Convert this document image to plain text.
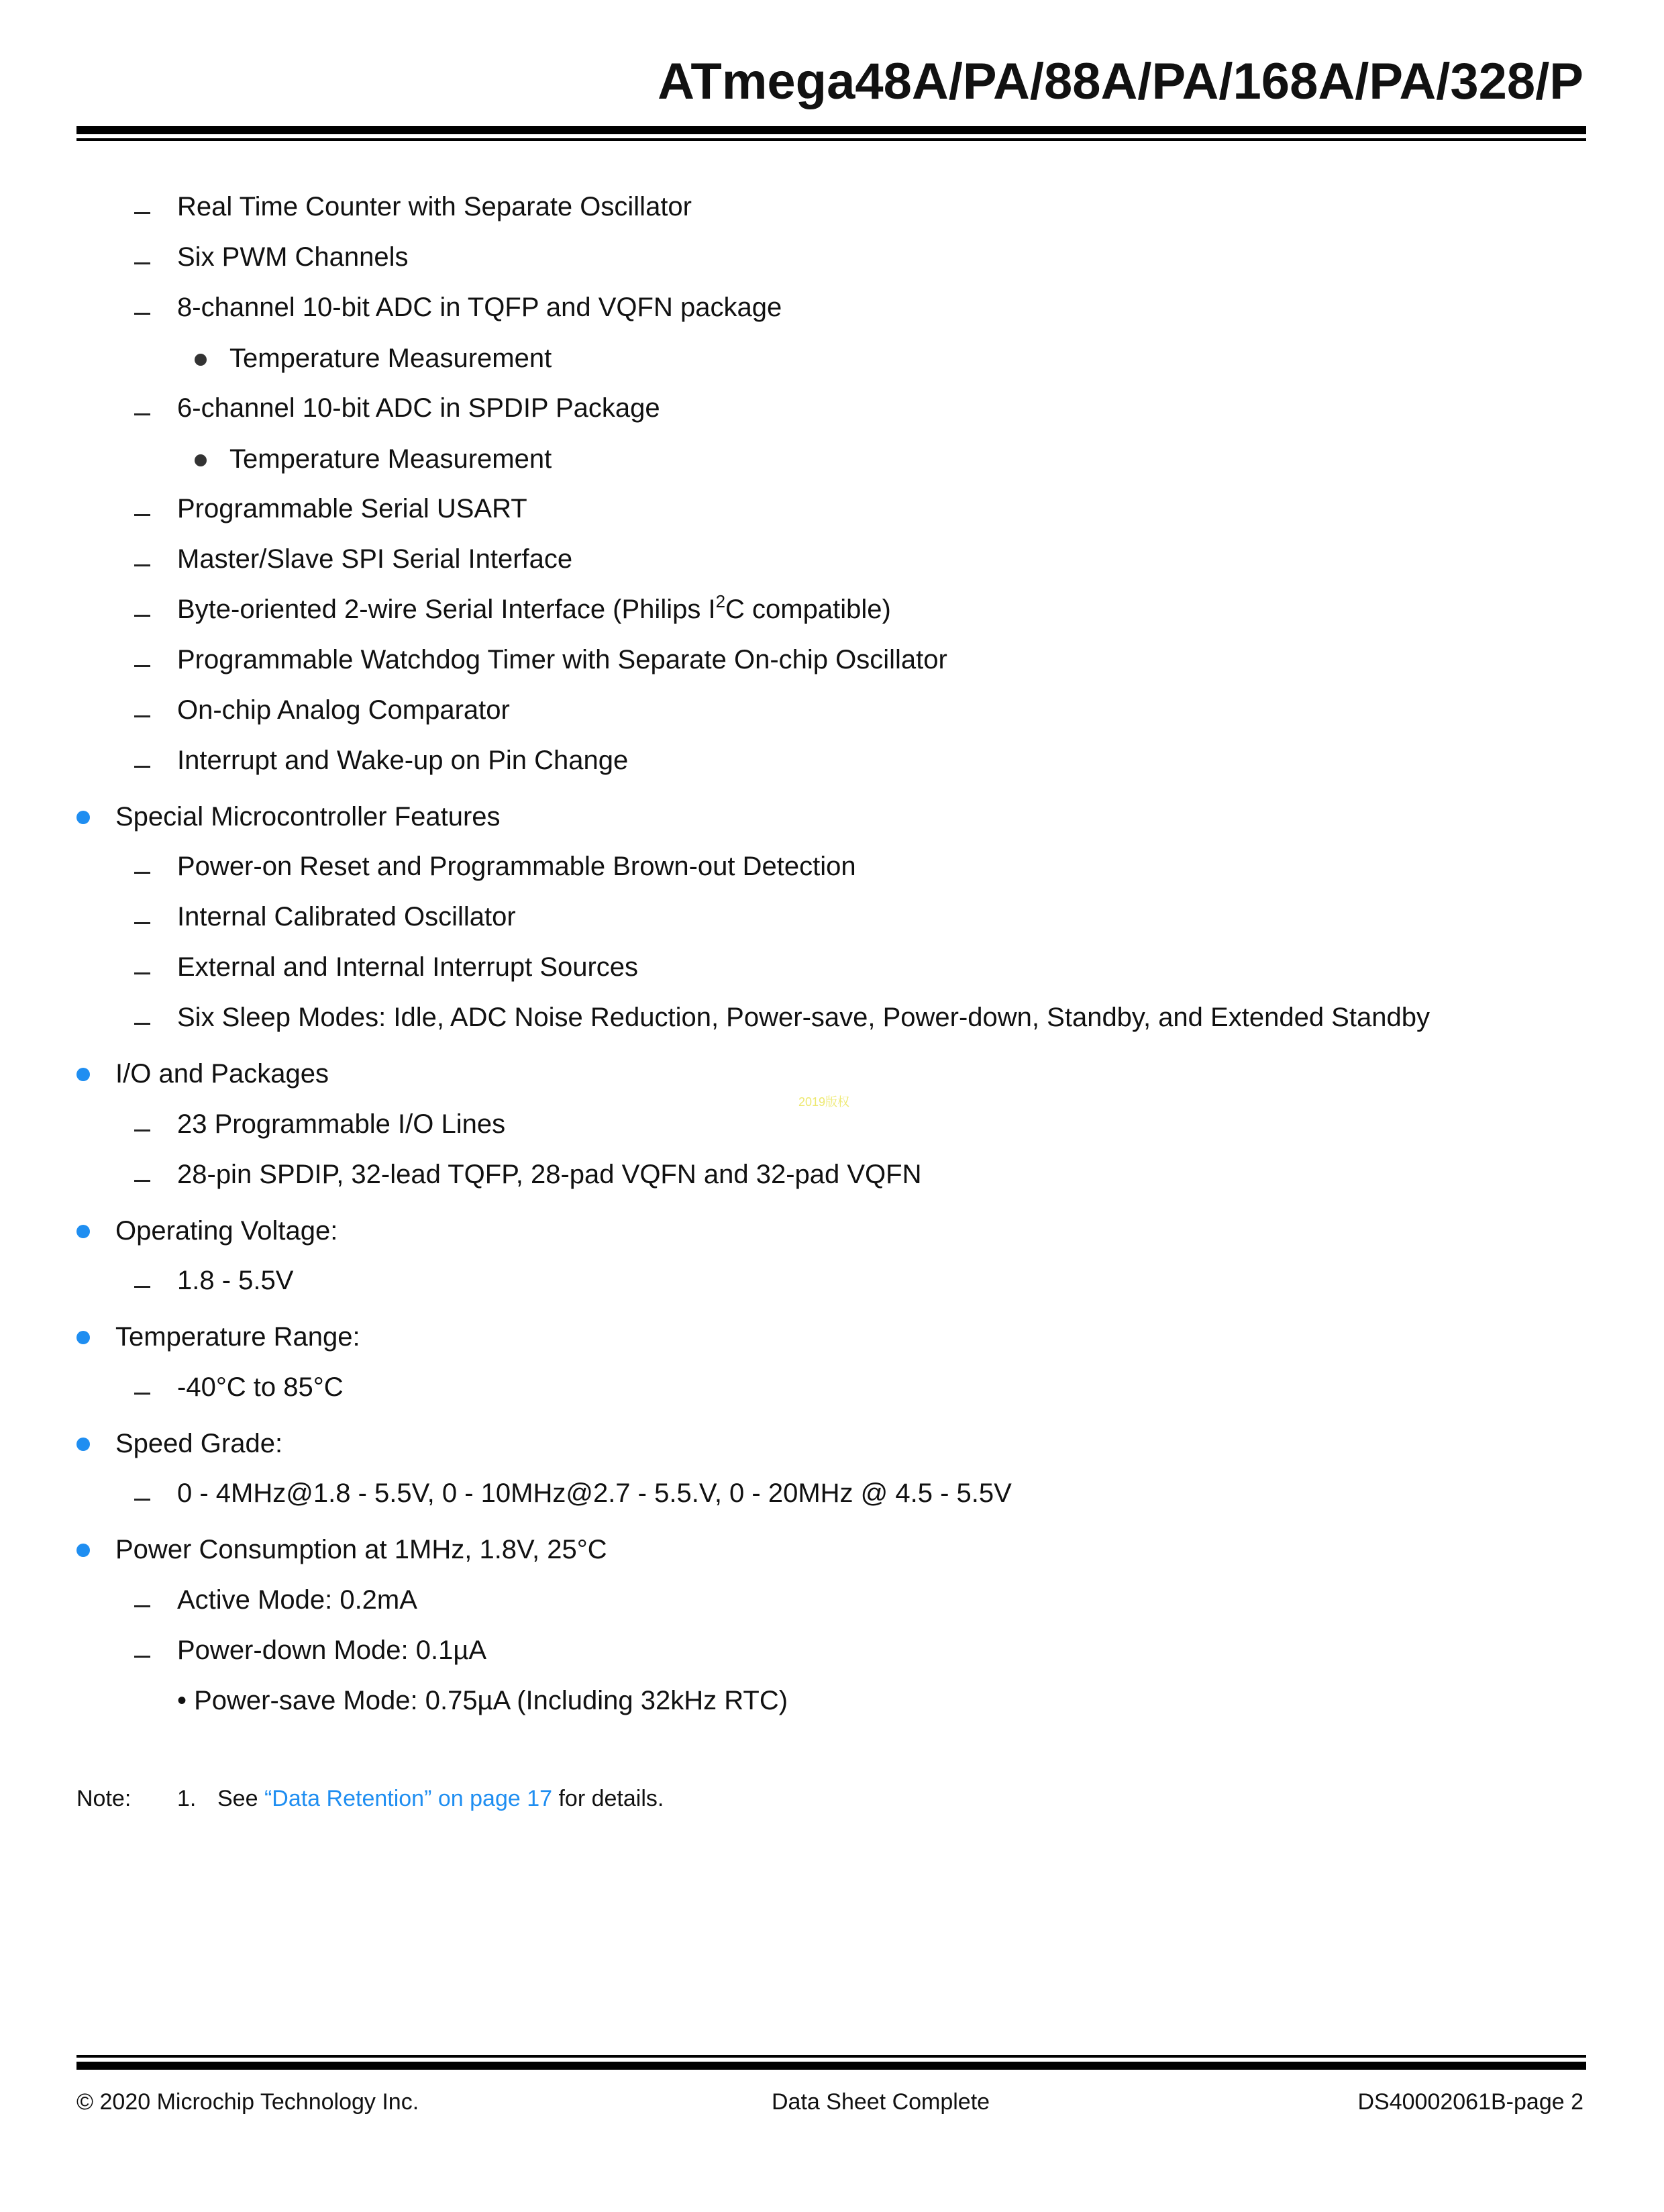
ATmega48A/PA/88A/PA/168A/PA/328/P
Real Time Counter with Separate Oscillator
Six PWM Channels
8-channel 10-bit ADC in TQFP and VQFN package
Temperature Measurement
6-channel 10-bit ADC in SPDIP Package
Temperature Measurement
Programmable Serial USART
Master/Slave SPI Serial Interface
Byte-oriented 2-wire Serial Interface (Philips $I^2C$ compatible)
Programmable Watchdog Timer with Separate On-chip Oscillator
On-chip Analog Comparator
Interrupt and Wake-up on Pin Change
Special Microcontroller Features
Power-on Reset and Programmable Brown-out Detection
Internal Calibrated Oscillator
External and Internal Interrupt Sources
Six Sleep Modes: Idle, ADC Noise Reduction, Power-save, Power-down, Standby, and Extended Standby
I/O and Packages
23 Programmable I/O Lines
28-pin SPDIP, 32-lead TQFP, 28-pad VQFN and 32-pad VQFN
Operating Voltage:
1.8 - 5.5V
Temperature Range:
-40°C to 85°C
Speed Grade:
0 - 4MHz@1.8 - 5.5V, 0 - 10MHz@2.7 - 5.5.V, 0 - 20MHz @ 4.5 - 5.5V
Power Consumption at 1MHz, 1.8V, 25°C
Active Mode: 0.2mA
Power-down Mode: 0.1µA
• Power-save Mode: 0.75µA (Including 32kHz RTC)
2019版权
Note: 1. See “Data Retention” on page 17 for details.
© 2020 Microchip Technology Inc.	Data Sheet Complete	DS40002061B-page 2
